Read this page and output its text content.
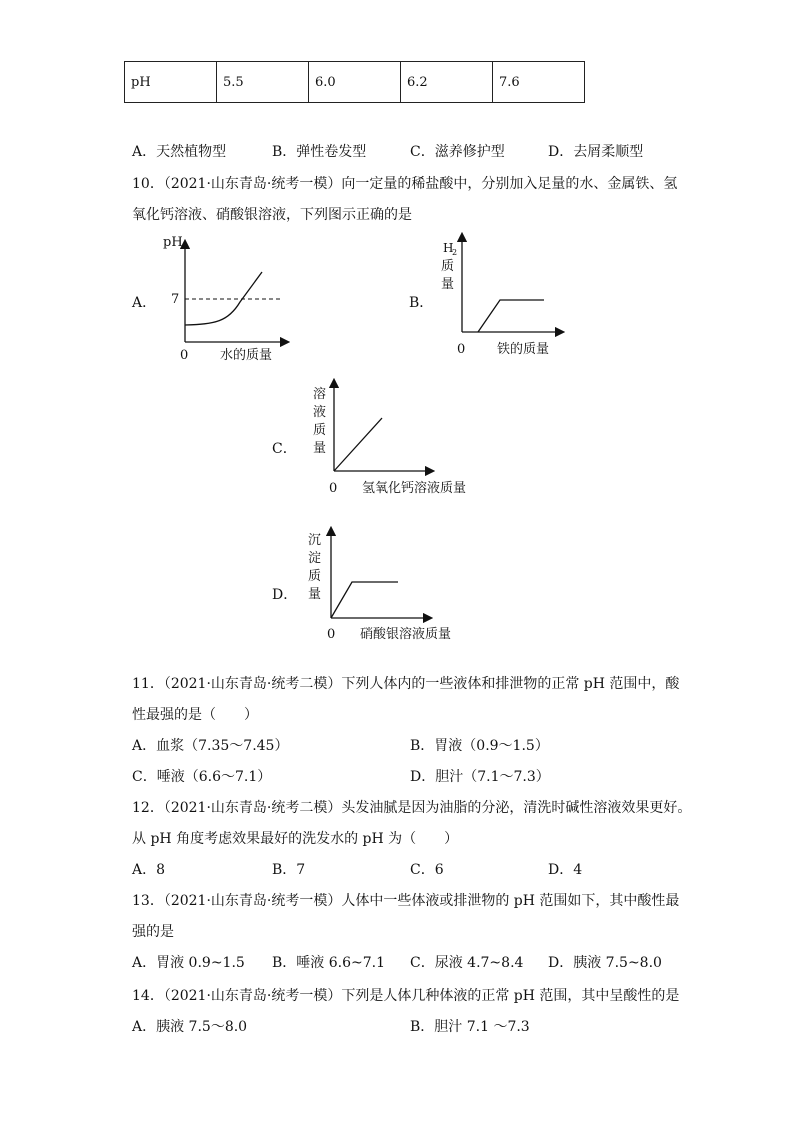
pH	5.5	6.0	6.2	7.6
A．天然植物型	B．弹性卷发型	C．滋养修护型	D．去屑柔顺型
10．（2021·山东青岛·统考一模）向一定量的稀盐酸中，分别加入足量的水、金属铁、氢
氧化钙溶液、硝酸银溶液，下列图示正确的是
A．
pH
7
0 水的质量
B．
H
2
质
量
0 铁的质量
C．
溶
液
质
量
0 氢氧化钙溶液质量
D．
沉
淀
质
量
0 硝酸银溶液质量
11．（2021·山东青岛·统考二模）下列人体内的一些液体和排泄物的正常 pH 范围中，酸
性最强的是（　　）
A．血浆（7.35～7.45）	B．胃液（0.9～1.5）
C．唾液（6.6～7.1）	D．胆汁（7.1～7.3）
12．（2021·山东青岛·统考二模）头发油腻是因为油脂的分泌，清洗时碱性溶液效果更好。
从 pH 角度考虑效果最好的洗发水的 pH 为（　　）
A．8	B．7	C．6	D．4
13．（2021·山东青岛·统考一模）人体中一些体液或排泄物的 pH 范围如下，其中酸性最
强的是
A．胃液 0.9~1.5 B．唾液 6.6~7.1 C．尿液 4.7~8.4 D．胰液 7.5~8.0
14．（2021·山东青岛·统考一模）下列是人体几种体液的正常 pH 范围，其中呈酸性的是
A．胰液 7.5～8.0	B．胆汁 7.1 ～7.3
